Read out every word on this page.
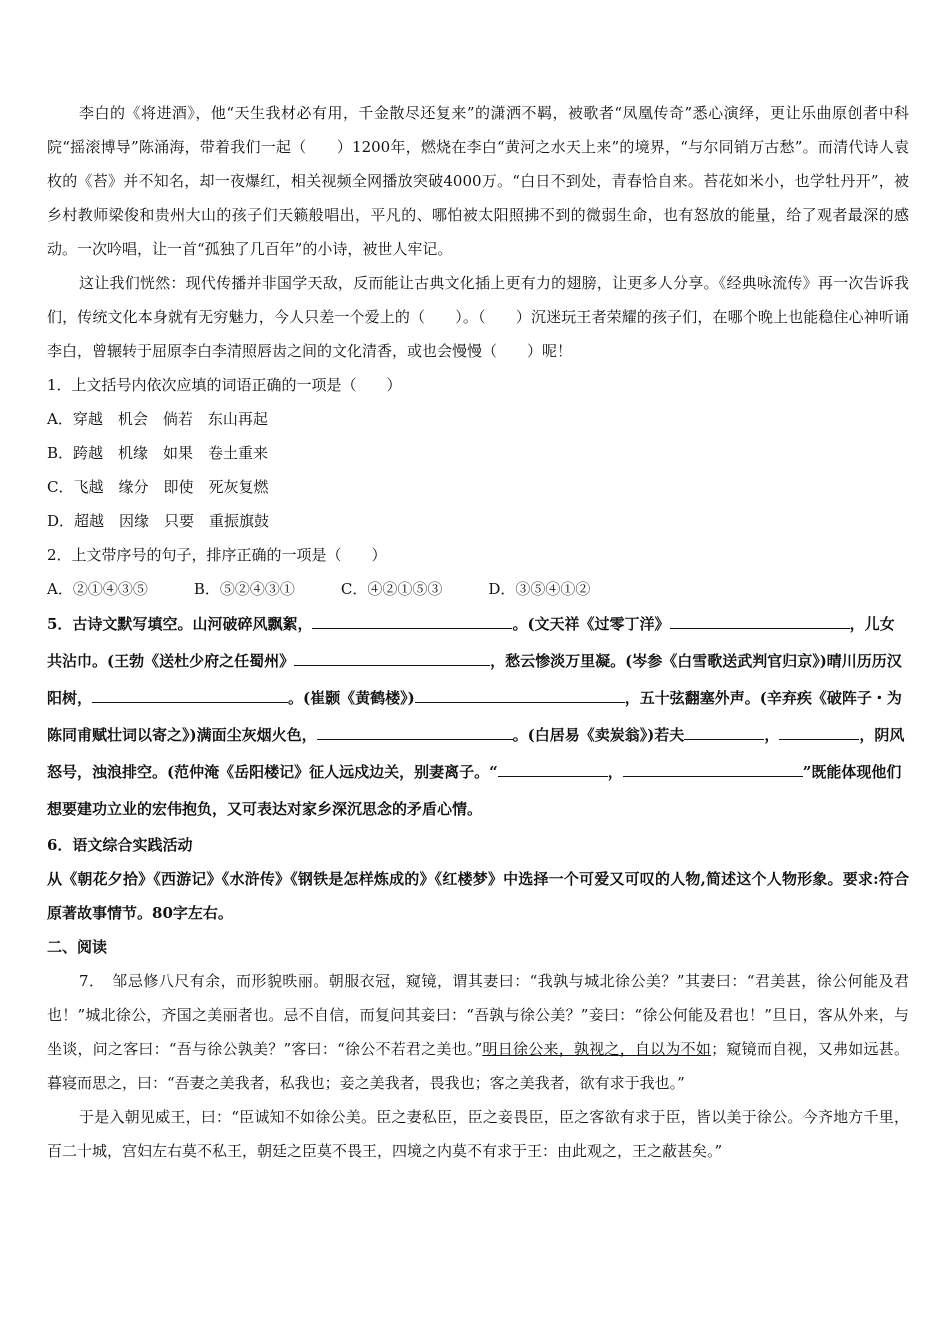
李白的《将进酒》，他“天生我材必有用，千金散尽还复来”的潇洒不羁，被歌者“凤凰传奇”悉心演绎，更让乐曲原创者中科院“摇滚博导”陈涌海，带着我们一起（　　）1200年，燃烧在李白“黄河之水天上来”的境界，“与尔同销万古愁”。而清代诗人袁枚的《苔》并不知名，却一夜爆红，相关视频全网播放突破4000万。“白日不到处，青春恰自来。苔花如米小，也学牡丹开”，被乡村教师梁俊和贵州大山的孩子们天籁般唱出，平凡的、哪怕被太阳照拂不到的微弱生命，也有怒放的能量，给了观者最深的感动。一次吟唱，让一首“孤独了几百年”的小诗，被世人牢记。

这让我们恍然：现代传播并非国学天敌，反而能让古典文化插上更有力的翅膀，让更多人分享。《经典咏流传》再一次告诉我们，传统文化本身就有无穷魅力，今人只差一个爱上的（　　）。（　　）沉迷玩王者荣耀的孩子们，在哪个晚上也能稳住心神听诵李白，曾辗转于屈原李白李清照唇齿之间的文化清香，或也会慢慢（　　）呢！

1．上文括号内依次应填的词语正确的一项是（　　）

A．穿越　机会　倘若　东山再起

B．跨越　机缘　如果　卷土重来

C．飞越　缘分　即使　死灰复燃

D．超越　因缘　只要　重振旗鼓

2．上文带序号的句子，排序正确的一项是（　　）

A．②①④③⑤	B．⑤②④③①	C．④②①⑤③	D．③⑤④①②

5．古诗文默写填空。山河破碎风飘絮，	。(文天祥《过零丁洋》	，儿女共沾巾。(王勃《送杜少府之任蜀州》	，愁云惨淡万里凝。(岑参《白雪歌送武判官归京》)晴川历历汉阳树，	。(崔颢《黄鹤楼》)	，五十弦翻塞外声。(辛弃疾《破阵子・为陈同甫赋壮词以寄之》)满面尘灰烟火色，	。(白居易《卖炭翁》)若夫	，	，阴风怒号，浊浪排空。(范仲淹《岳阳楼记》征人远戍边关，别妻离子。“	，	”既能体现他们想要建功立业的宏伟抱负，又可表达对家乡深沉思念的矛盾心情。

6．语文综合实践活动

从《朝花夕拾》《西游记》《水浒传》《钢铁是怎样炼成的》《红楼梦》中选择一个可爱又可叹的人物,简述这个人物形象。要求:符合原著故事情节。80字左右。

二、阅读

7．　 邹忌修八尺有余，而形貌昳丽。朝服衣冠，窥镜，谓其妻曰：“我孰与城北徐公美？”其妻曰：“君美甚，徐公何能及君也！”城北徐公，齐国之美丽者也。忌不自信，而复问其妾曰：“吾孰与徐公美？”妾曰：“徐公何能及君也！”旦日，客从外来，与坐谈，问之客曰：“吾与徐公孰美？”客曰：“徐公不若君之美也。”明日徐公来，孰视之，自以为不如；窥镜而自视，又弗如远甚。暮寝而思之，曰：“吾妻之美我者，私我也；妾之美我者，畏我也；客之美我者，欲有求于我也。”

于是入朝见威王，曰：“臣诚知不如徐公美。臣之妻私臣，臣之妾畏臣，臣之客欲有求于臣，皆以美于徐公。今齐地方千里，百二十城，宫妇左右莫不私王，朝廷之臣莫不畏王，四境之内莫不有求于王：由此观之，王之蔽甚矣。”
